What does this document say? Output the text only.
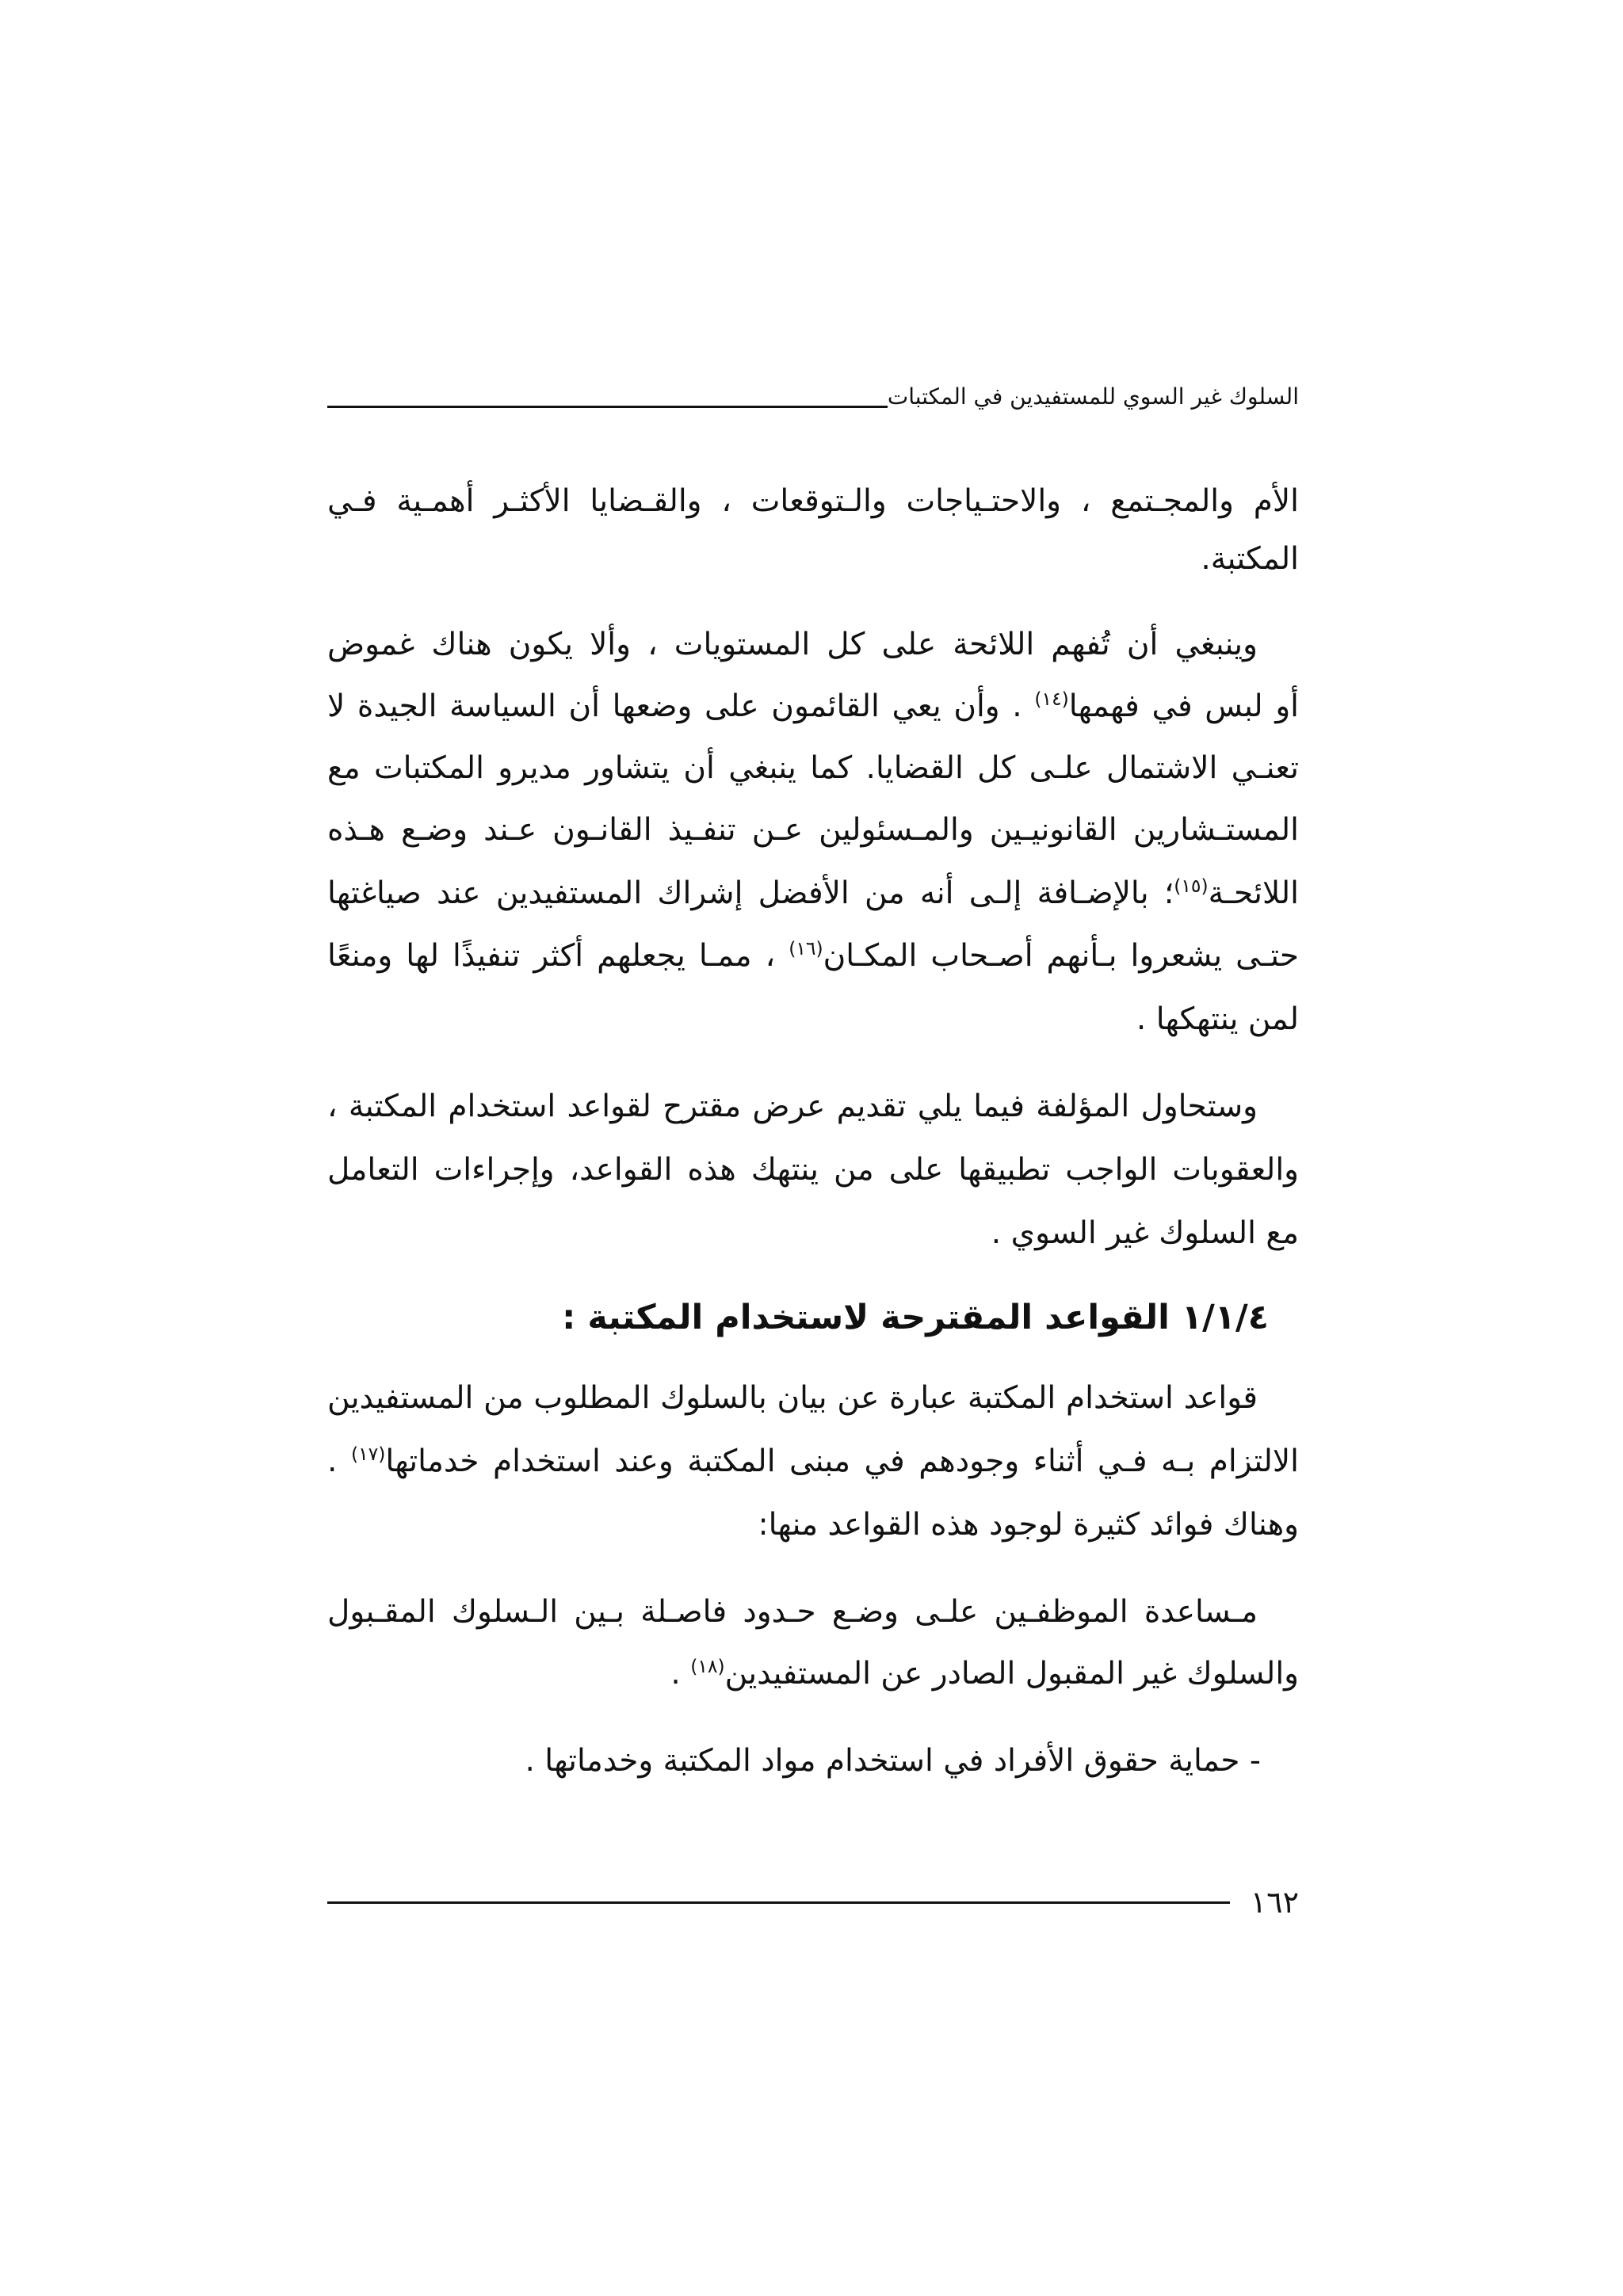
السلوك غير السوي للمستفيدين في المكتبات
الأم والمجـتمع ، والاحتـياجات والـتوقعات ، والقـضايا الأكثـر أهمـية فـي
المكتبة.
وينبغي أن تُفهم اللائحة على كل المستويات ، وألا يكون هناك غموض
أو لبس في فهمها$^{(١٤)}$ . وأن يعي القائمون على وضعها أن السياسة الجيدة لا
تعنـي الاشتمال علـى كل القضايا. كما ينبغي أن يتشاور مديرو المكتبات مع
المستـشارين القانونيـين والمـسئولين عـن تنفـيذ القانـون عـند وضـع هـذه
اللائحـة$^{(١٥)}$؛ بالإضـافة إلـى أنه من الأفضل إشراك المستفيدين عند صياغتها
حتـى يشعروا بـأنهم أصـحاب المكـان$^{(١٦)}$ ، ممـا يجعلهم أكثر تنفيذًا لها ومنعًا
لمن ينتهكها .
وستحاول المؤلفة فيما يلي تقديم عرض مقترح لقواعد استخدام المكتبة ،
والعقوبات الواجب تطبيقها على من ينتهك هذه القواعد، وإجراءات التعامل
مع السلوك غير السوي .
١/١/٤ القواعد المقترحة لاستخدام المكتبة :
قواعد استخدام المكتبة عبارة عن بيان بالسلوك المطلوب من المستفيدين
الالتزام بـه فـي أثناء وجودهم في مبنى المكتبة وعند استخدام خدماتها$^{(١٧)}$ .
وهناك فوائد كثيرة لوجود هذه القواعد منها:
مـساعدة الموظفـين علـى وضـع حـدود فاصـلة بـين الـسلوك المقـبول
والسلوك غير المقبول الصادر عن المستفيدين$^{(١٨)}$ .
- حماية حقوق الأفراد في استخدام مواد المكتبة وخدماتها .
١٦٢
